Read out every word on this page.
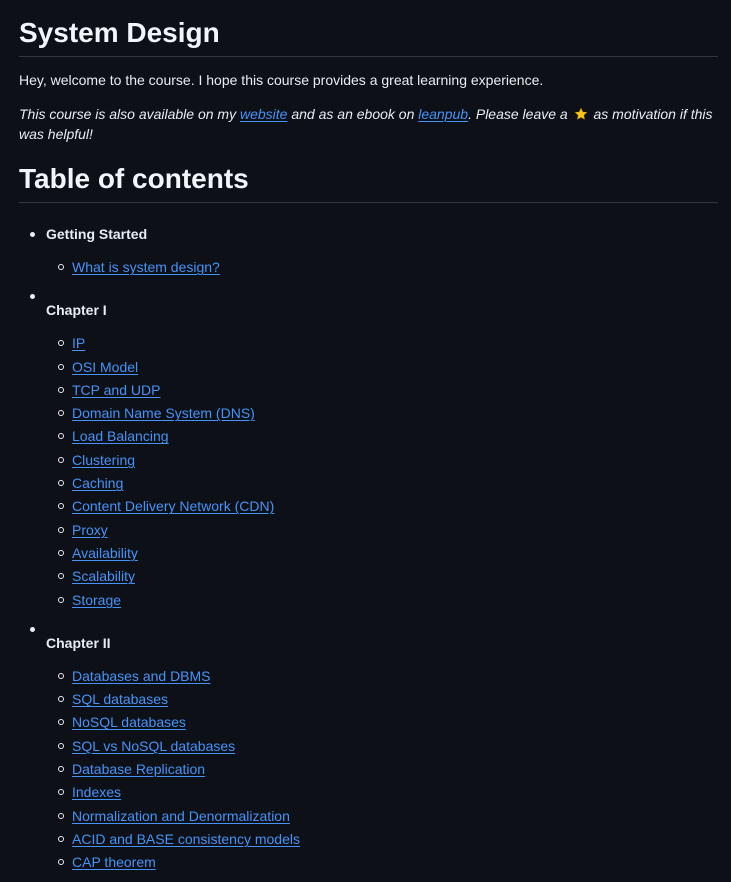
System Design

Hey, welcome to the course. I hope this course provides a great learning experience.

This course is also available on my website and as an ebook on leanpub. Please leave a  as motivation if this was helpful!

Table of contents
Getting Started
What is system design?
Chapter I
IP
OSI Model
TCP and UDP
Domain Name System (DNS)
Load Balancing
Clustering
Caching
Content Delivery Network (CDN)
Proxy
Availability
Scalability
Storage
Chapter II
Databases and DBMS
SQL databases
NoSQL databases
SQL vs NoSQL databases
Database Replication
Indexes
Normalization and Denormalization
ACID and BASE consistency models
CAP theorem
